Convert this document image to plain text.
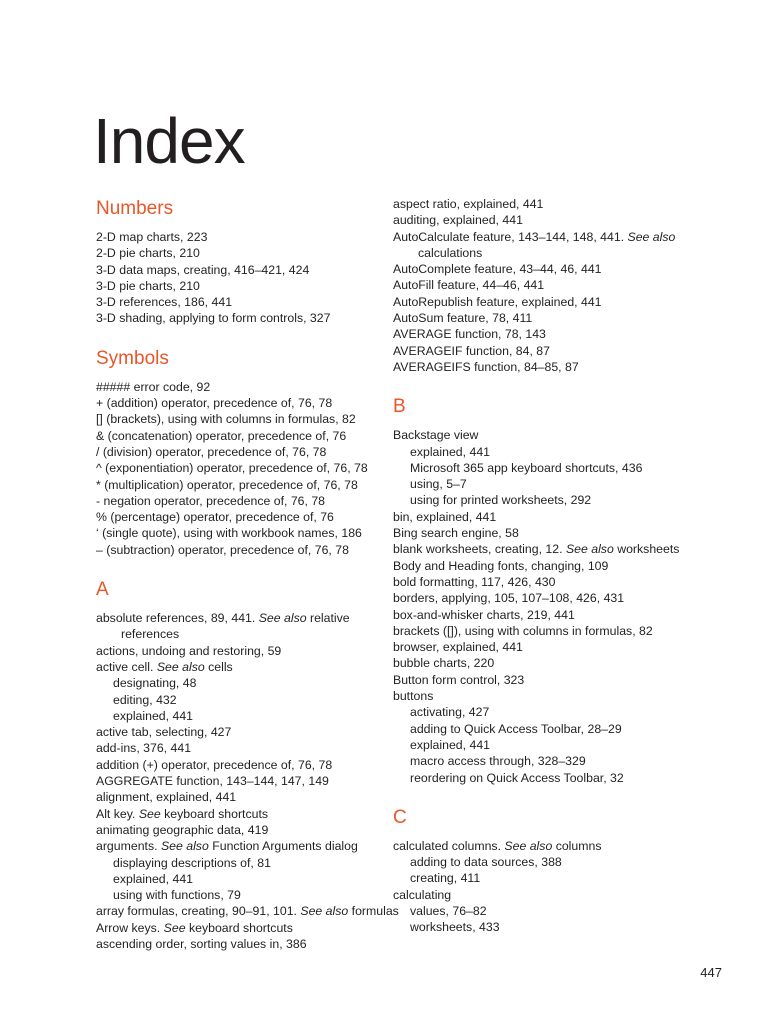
Index
Numbers
2-D map charts, 223
2-D pie charts, 210
3-D data maps, creating, 416–421, 424
3-D pie charts, 210
3-D references, 186, 441
3-D shading, applying to form controls, 327
Symbols
##### error code, 92
+ (addition) operator, precedence of, 76, 78
[] (brackets), using with columns in formulas, 82
& (concatenation) operator, precedence of, 76
/ (division) operator, precedence of, 76, 78
^ (exponentiation) operator, precedence of, 76, 78
* (multiplication) operator, precedence of, 76, 78
- negation operator, precedence of, 76, 78
% (percentage) operator, precedence of, 76
‘ (single quote), using with workbook names, 186
– (subtraction) operator, precedence of, 76, 78
A
absolute references, 89, 441. See also relative
references
actions, undoing and restoring, 59
active cell. See also cells
designating, 48
editing, 432
explained, 441
active tab, selecting, 427
add-ins, 376, 441
addition (+) operator, precedence of, 76, 78
AGGREGATE function, 143–144, 147, 149
alignment, explained, 441
Alt key. See keyboard shortcuts
animating geographic data, 419
arguments. See also Function Arguments dialog
displaying descriptions of, 81
explained, 441
using with functions, 79
array formulas, creating, 90–91, 101. See also formulas
Arrow keys. See keyboard shortcuts
ascending order, sorting values in, 386
aspect ratio, explained, 441
auditing, explained, 441
AutoCalculate feature, 143–144, 148, 441. See also
calculations
AutoComplete feature, 43–44, 46, 441
AutoFill feature, 44–46, 441
AutoRepublish feature, explained, 441
AutoSum feature, 78, 411
AVERAGE function, 78, 143
AVERAGEIF function, 84, 87
AVERAGEIFS function, 84–85, 87
B
Backstage view
explained, 441
Microsoft 365 app keyboard shortcuts, 436
using, 5–7
using for printed worksheets, 292
bin, explained, 441
Bing search engine, 58
blank worksheets, creating, 12. See also worksheets
Body and Heading fonts, changing, 109
bold formatting, 117, 426, 430
borders, applying, 105, 107–108, 426, 431
box-and-whisker charts, 219, 441
brackets ([]), using with columns in formulas, 82
browser, explained, 441
bubble charts, 220
Button form control, 323
buttons
activating, 427
adding to Quick Access Toolbar, 28–29
explained, 441
macro access through, 328–329
reordering on Quick Access Toolbar, 32
C
calculated columns. See also columns
adding to data sources, 388
creating, 411
calculating
values, 76–82
worksheets, 433
447
